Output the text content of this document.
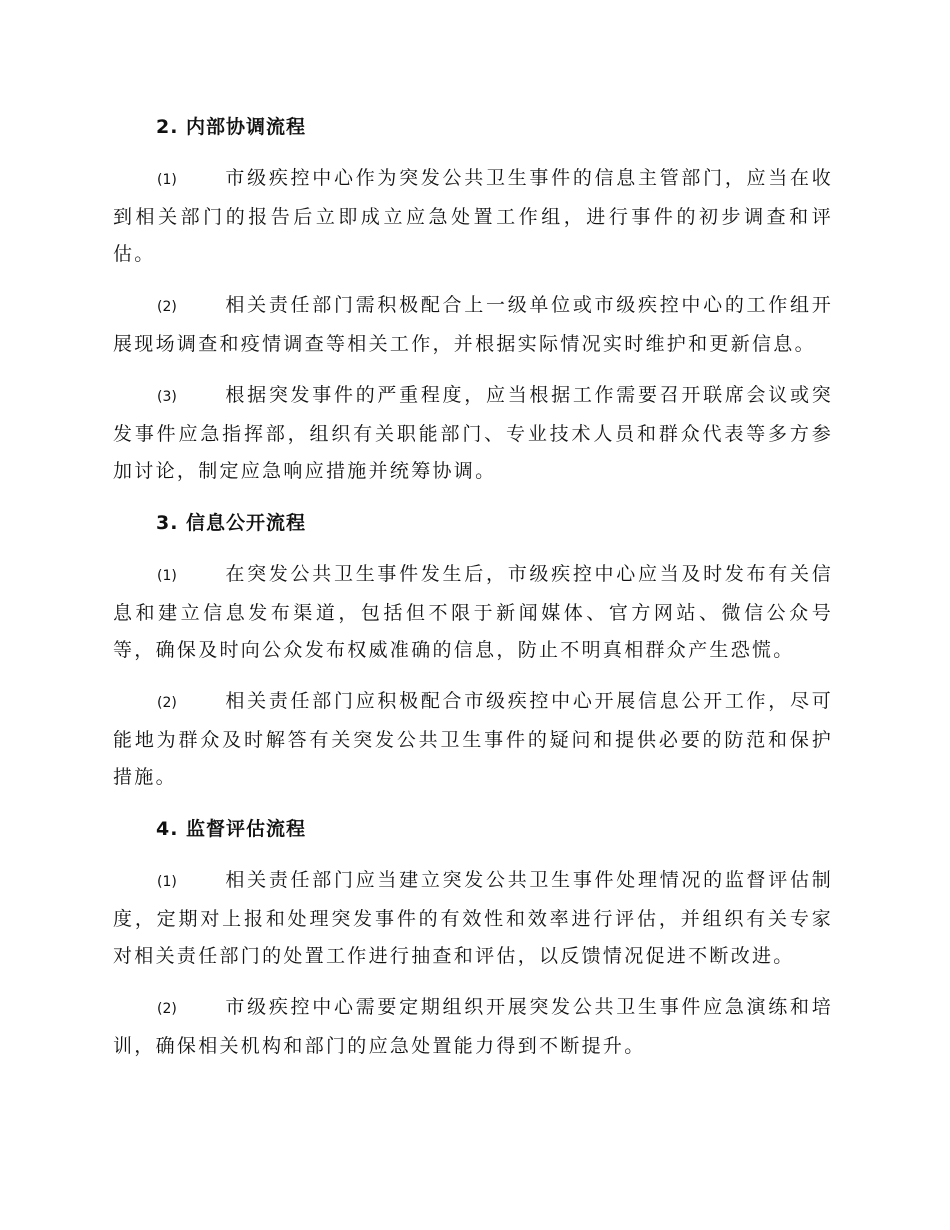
2. 内部协调流程

(1)	市级疾控中心作为突发公共卫生事件的信息主管部门，应当在收到相关部门的报告后立即成立应急处置工作组，进行事件的初步调查和评估。

(2)	相关责任部门需积极配合上一级单位或市级疾控中心的工作组开展现场调查和疫情调查等相关工作，并根据实际情况实时维护和更新信息。

(3)	根据突发事件的严重程度，应当根据工作需要召开联席会议或突发事件应急指挥部，组织有关职能部门、专业技术人员和群众代表等多方参加讨论，制定应急响应措施并统筹协调。

3. 信息公开流程

(1)	在突发公共卫生事件发生后，市级疾控中心应当及时发布有关信息和建立信息发布渠道，包括但不限于新闻媒体、官方网站、微信公众号等，确保及时向公众发布权威准确的信息，防止不明真相群众产生恐慌。

(2)	相关责任部门应积极配合市级疾控中心开展信息公开工作，尽可能地为群众及时解答有关突发公共卫生事件的疑问和提供必要的防范和保护措施。

4. 监督评估流程

(1)	相关责任部门应当建立突发公共卫生事件处理情况的监督评估制度，定期对上报和处理突发事件的有效性和效率进行评估，并组织有关专家对相关责任部门的处置工作进行抽查和评估，以反馈情况促进不断改进。

(2)	市级疾控中心需要定期组织开展突发公共卫生事件应急演练和培训，确保相关机构和部门的应急处置能力得到不断提升。
